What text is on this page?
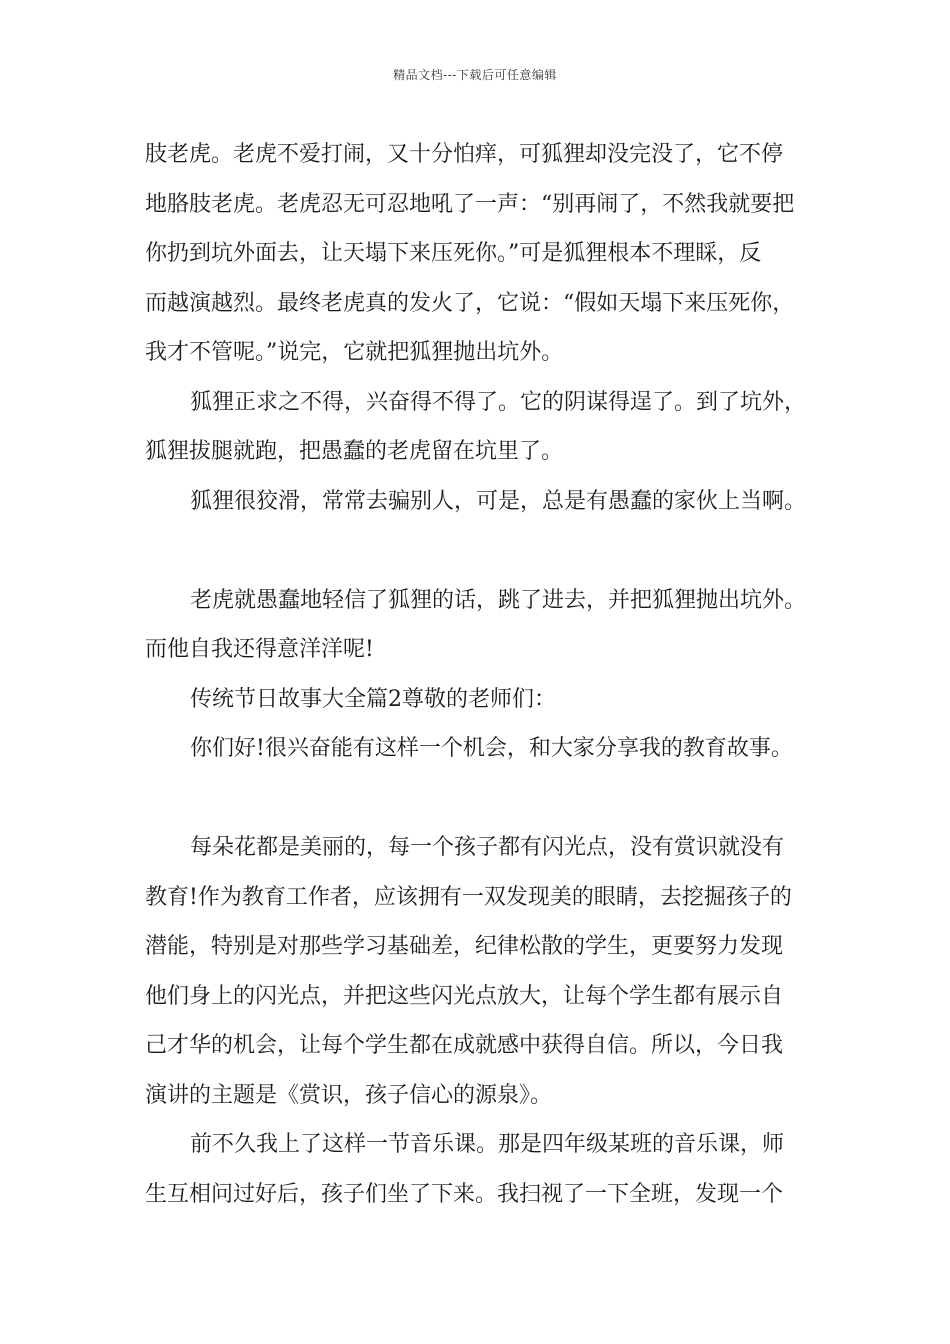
精品文档---下载后可任意编辑
肢老虎。老虎不爱打闹，又十分怕痒，可狐狸却没完没了，它不停
地胳肢老虎。老虎忍无可忍地吼了一声：“别再闹了，不然我就要把
你扔到坑外面去，让天塌下来压死你。”可是狐狸根本不理睬，反
而越演越烈。最终老虎真的发火了，它说：“假如天塌下来压死你，
我才不管呢。”说完，它就把狐狸抛出坑外。
狐狸正求之不得，兴奋得不得了。它的阴谋得逞了。到了坑外，
狐狸拔腿就跑，把愚蠢的老虎留在坑里了。
狐狸很狡滑，常常去骗别人，可是，总是有愚蠢的家伙上当啊。
老虎就愚蠢地轻信了狐狸的话，跳了进去，并把狐狸抛出坑外。
而他自我还得意洋洋呢!
传统节日故事大全篇2尊敬的老师们：
你们好!很兴奋能有这样一个机会，和大家分享我的教育故事。
每朵花都是美丽的，每一个孩子都有闪光点，没有赏识就没有
教育!作为教育工作者，应该拥有一双发现美的眼睛，去挖掘孩子的
潜能，特别是对那些学习基础差，纪律松散的学生，更要努力发现
他们身上的闪光点，并把这些闪光点放大，让每个学生都有展示自
己才华的机会，让每个学生都在成就感中获得自信。所以，今日我
演讲的主题是《赏识，孩子信心的源泉》。
前不久我上了这样一节音乐课。那是四年级某班的音乐课，师
生互相问过好后，孩子们坐了下来。我扫视了一下全班，发现一个
